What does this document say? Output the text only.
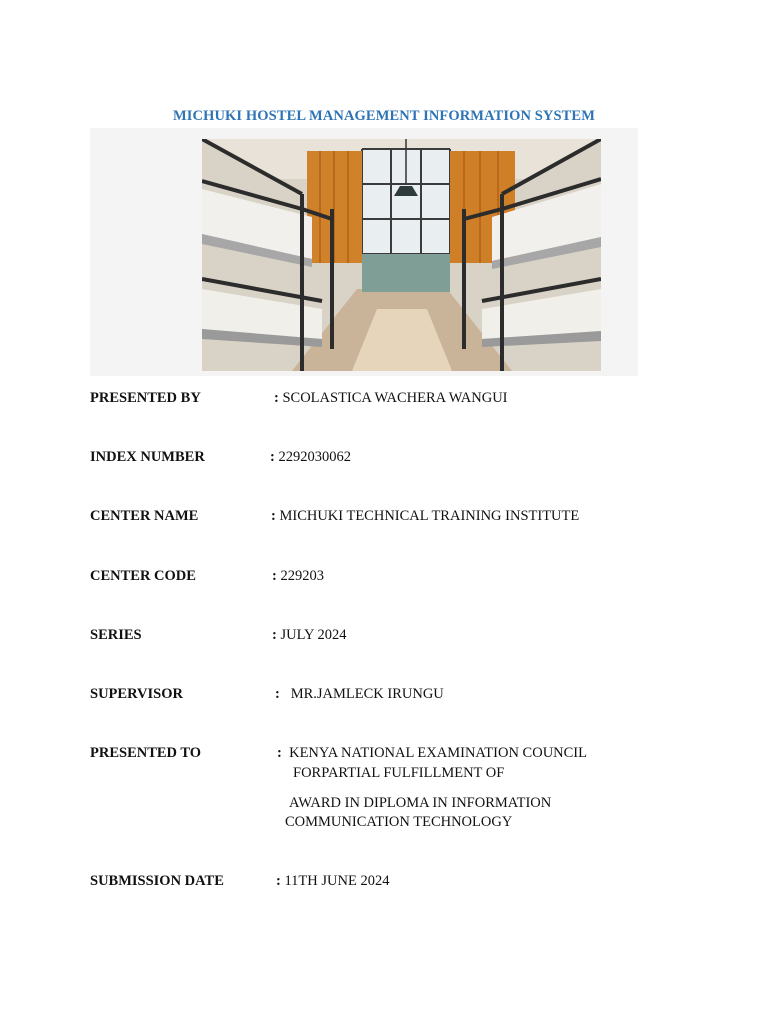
MICHUKI HOSTEL MANAGEMENT INFORMATION SYSTEM
PRESENTED BY	: SCOLASTICA WACHERA WANGUI
INDEX NUMBER	: 2292030062
CENTER NAME	: MICHUKI TECHNICAL TRAINING INSTITUTE
CENTER CODE	: 229203
SERIES	: JULY 2024
SUPERVISOR	:   MR.JAMLECK IRUNGU
PRESENTED TO	:  KENYA NATIONAL EXAMINATION COUNCIL
FORPARTIAL FULFILLMENT OF
AWARD IN DIPLOMA IN INFORMATION
COMMUNICATION TECHNOLOGY
SUBMISSION DATE	: 11TH JUNE 2024
